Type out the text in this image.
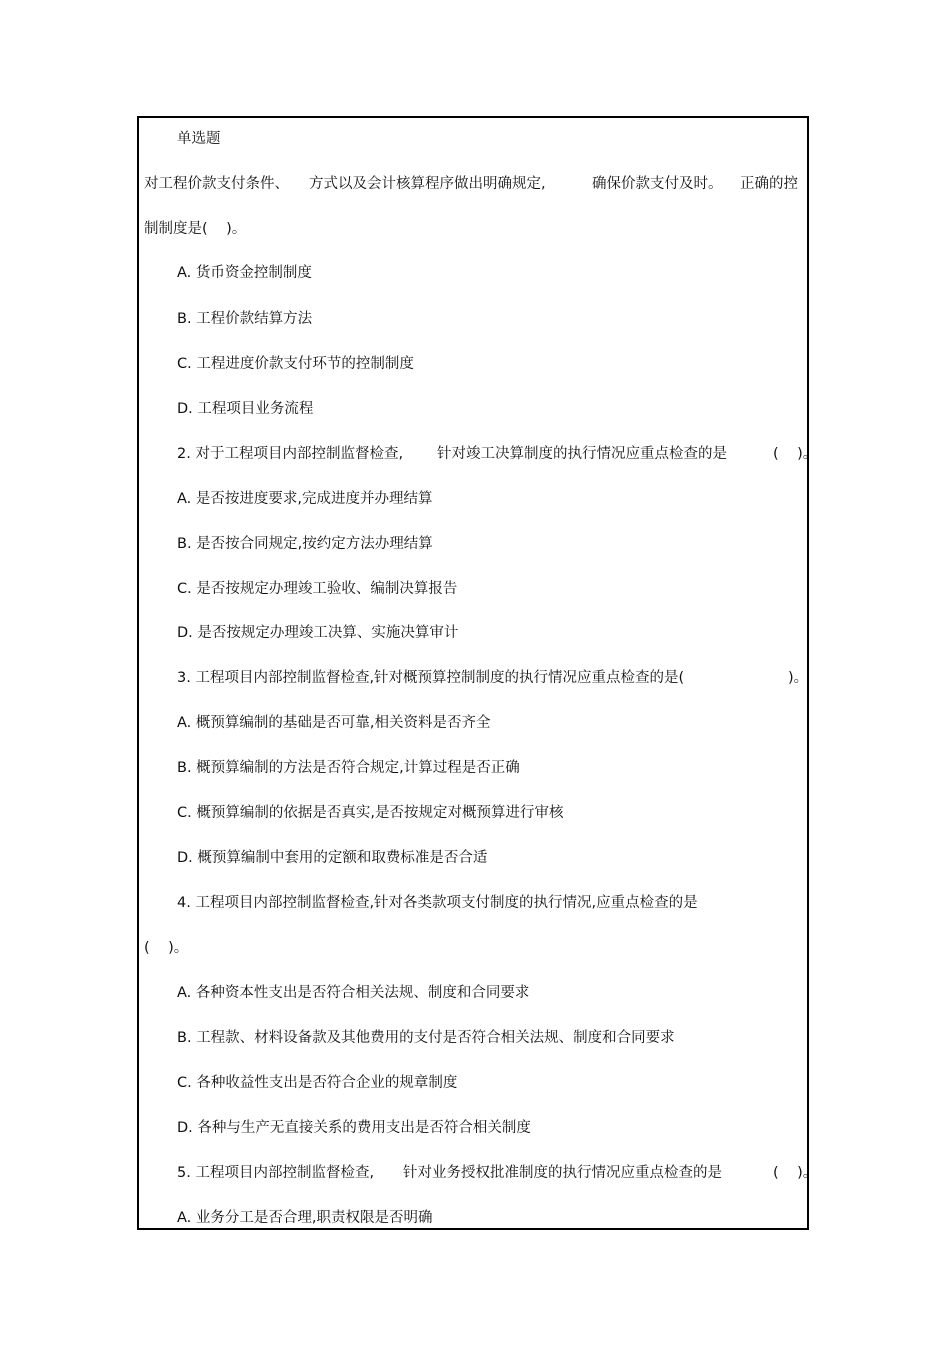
单选题
对工程价款支付条件、 方式以及会计核算程序做出明确规定,	确保价款支付及时。 正确的控
制制度是(    )。
A. 货币资金控制制度
B. 工程价款结算方法
C. 工程进度价款支付环节的控制制度
D. 工程项目业务流程
2. 对于工程项目内部控制监督检查, 针对竣工决算制度的执行情况应重点检查的是	(    )。
A. 是否按进度要求,完成进度并办理结算
B. 是否按合同规定,按约定方法办理结算
C. 是否按规定办理竣工验收、编制决算报告
D. 是否按规定办理竣工决算、实施决算审计
3. 工程项目内部控制监督检查,针对概预算控制制度的执行情况应重点检查的是(	)。
A. 概预算编制的基础是否可靠,相关资料是否齐全
B. 概预算编制的方法是否符合规定,计算过程是否正确
C. 概预算编制的依据是否真实,是否按规定对概预算进行审核
D. 概预算编制中套用的定额和取费标准是否合适
4. 工程项目内部控制监督检查,针对各类款项支付制度的执行情况,应重点检查的是
(    )。
A. 各种资本性支出是否符合相关法规、制度和合同要求
B. 工程款、材料设备款及其他费用的支付是否符合相关法规、制度和合同要求
C. 各种收益性支出是否符合企业的规章制度
D. 各种与生产无直接关系的费用支出是否符合相关制度
5. 工程项目内部控制监督检查, 针对业务授权批准制度的执行情况应重点检查的是	(    )。
A. 业务分工是否合理,职责权限是否明确
